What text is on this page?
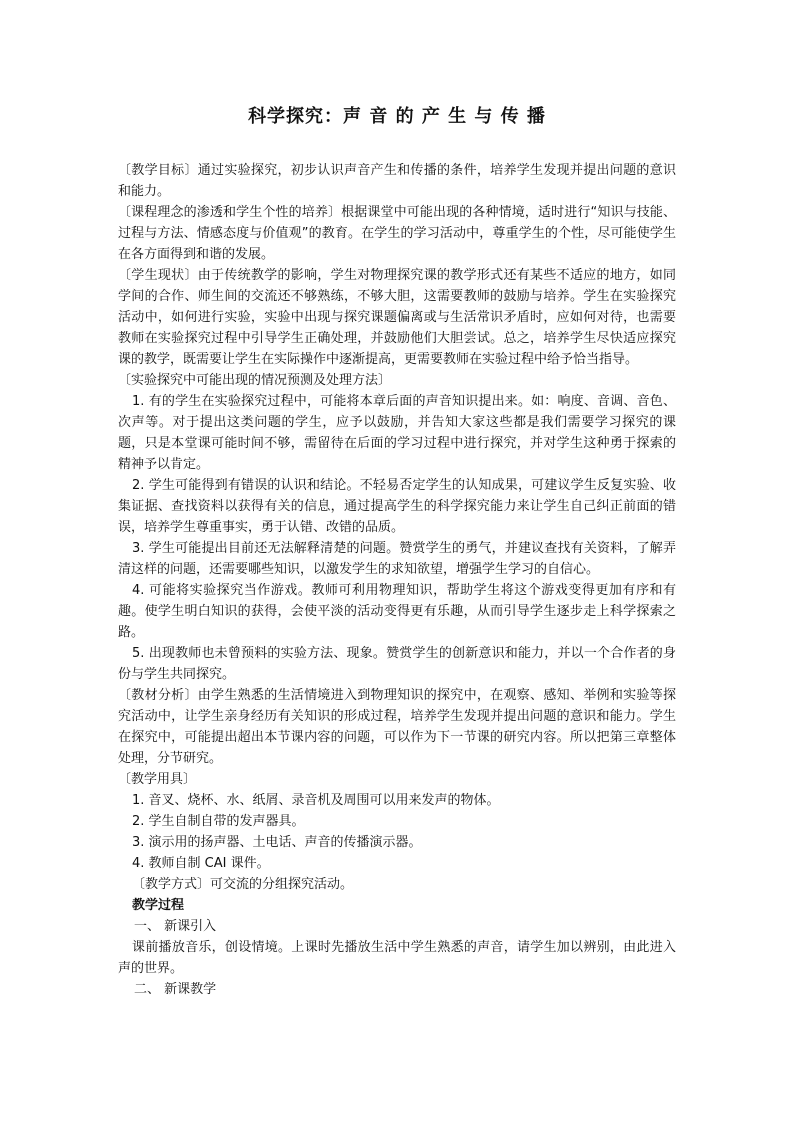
科学探究：声 音 的 产 生 与 传 播

〔教学目标〕通过实验探究，初步认识声音产生和传播的条件，培养学生发现并提出问题的意识和能力。

〔课程理念的渗透和学生个性的培养〕根据课堂中可能出现的各种情境，适时进行“知识与技能、过程与方法、情感态度与价值观”的教育。在学生的学习活动中，尊重学生的个性，尽可能使学生在各方面得到和谐的发展。

〔学生现状〕由于传统教学的影响，学生对物理探究课的教学形式还有某些不适应的地方，如同学间的合作、师生间的交流还不够熟练，不够大胆，这需要教师的鼓励与培养。学生在实验探究活动中，如何进行实验，实验中出现与探究课题偏离或与生活常识矛盾时，应如何对待，也需要教师在实验探究过程中引导学生正确处理，并鼓励他们大胆尝试。总之，培养学生尽快适应探究课的教学，既需要让学生在实际操作中逐渐提高，更需要教师在实验过程中给予恰当指导。

〔实验探究中可能出现的情况预测及处理方法〕

1. 有的学生在实验探究过程中，可能将本章后面的声音知识提出来。如：响度、音调、音色、次声等。对于提出这类问题的学生，应予以鼓励，并告知大家这些都是我们需要学习探究的课题，只是本堂课可能时间不够，需留待在后面的学习过程中进行探究，并对学生这种勇于探索的精神予以肯定。

2. 学生可能得到有错误的认识和结论。不轻易否定学生的认知成果，可建议学生反复实验、收集证据、查找资料以获得有关的信息，通过提高学生的科学探究能力来让学生自己纠正前面的错误，培养学生尊重事实，勇于认错、改错的品质。

3. 学生可能提出目前还无法解释清楚的问题。赞赏学生的勇气，并建议查找有关资料，了解弄清这样的问题，还需要哪些知识，以激发学生的求知欲望，增强学生学习的自信心。

4. 可能将实验探究当作游戏。教师可利用物理知识，帮助学生将这个游戏变得更加有序和有趣。使学生明白知识的获得，会使平淡的活动变得更有乐趣，从而引导学生逐步走上科学探索之路。

5. 出现教师也未曾预料的实验方法、现象。赞赏学生的创新意识和能力，并以一个合作者的身份与学生共同探究。

〔教材分析〕由学生熟悉的生活情境进入到物理知识的探究中，在观察、感知、举例和实验等探究活动中，让学生亲身经历有关知识的形成过程，培养学生发现并提出问题的意识和能力。学生在探究中，可能提出超出本节课内容的问题，可以作为下一节课的研究内容。所以把第三章整体处理，分节研究。

〔教学用具〕

1. 音叉、烧杯、水、纸屑、录音机及周围可以用来发声的物体。

2. 学生自制自带的发声器具。

3. 演示用的扬声器、土电话、声音的传播演示器。

4. 教师自制 CAI 课件。

〔教学方式〕可交流的分组探究活动。

教学过程

一、 新课引入

课前播放音乐，创设情境。上课时先播放生活中学生熟悉的声音，请学生加以辨别，由此进入声的世界。

二、 新课教学
